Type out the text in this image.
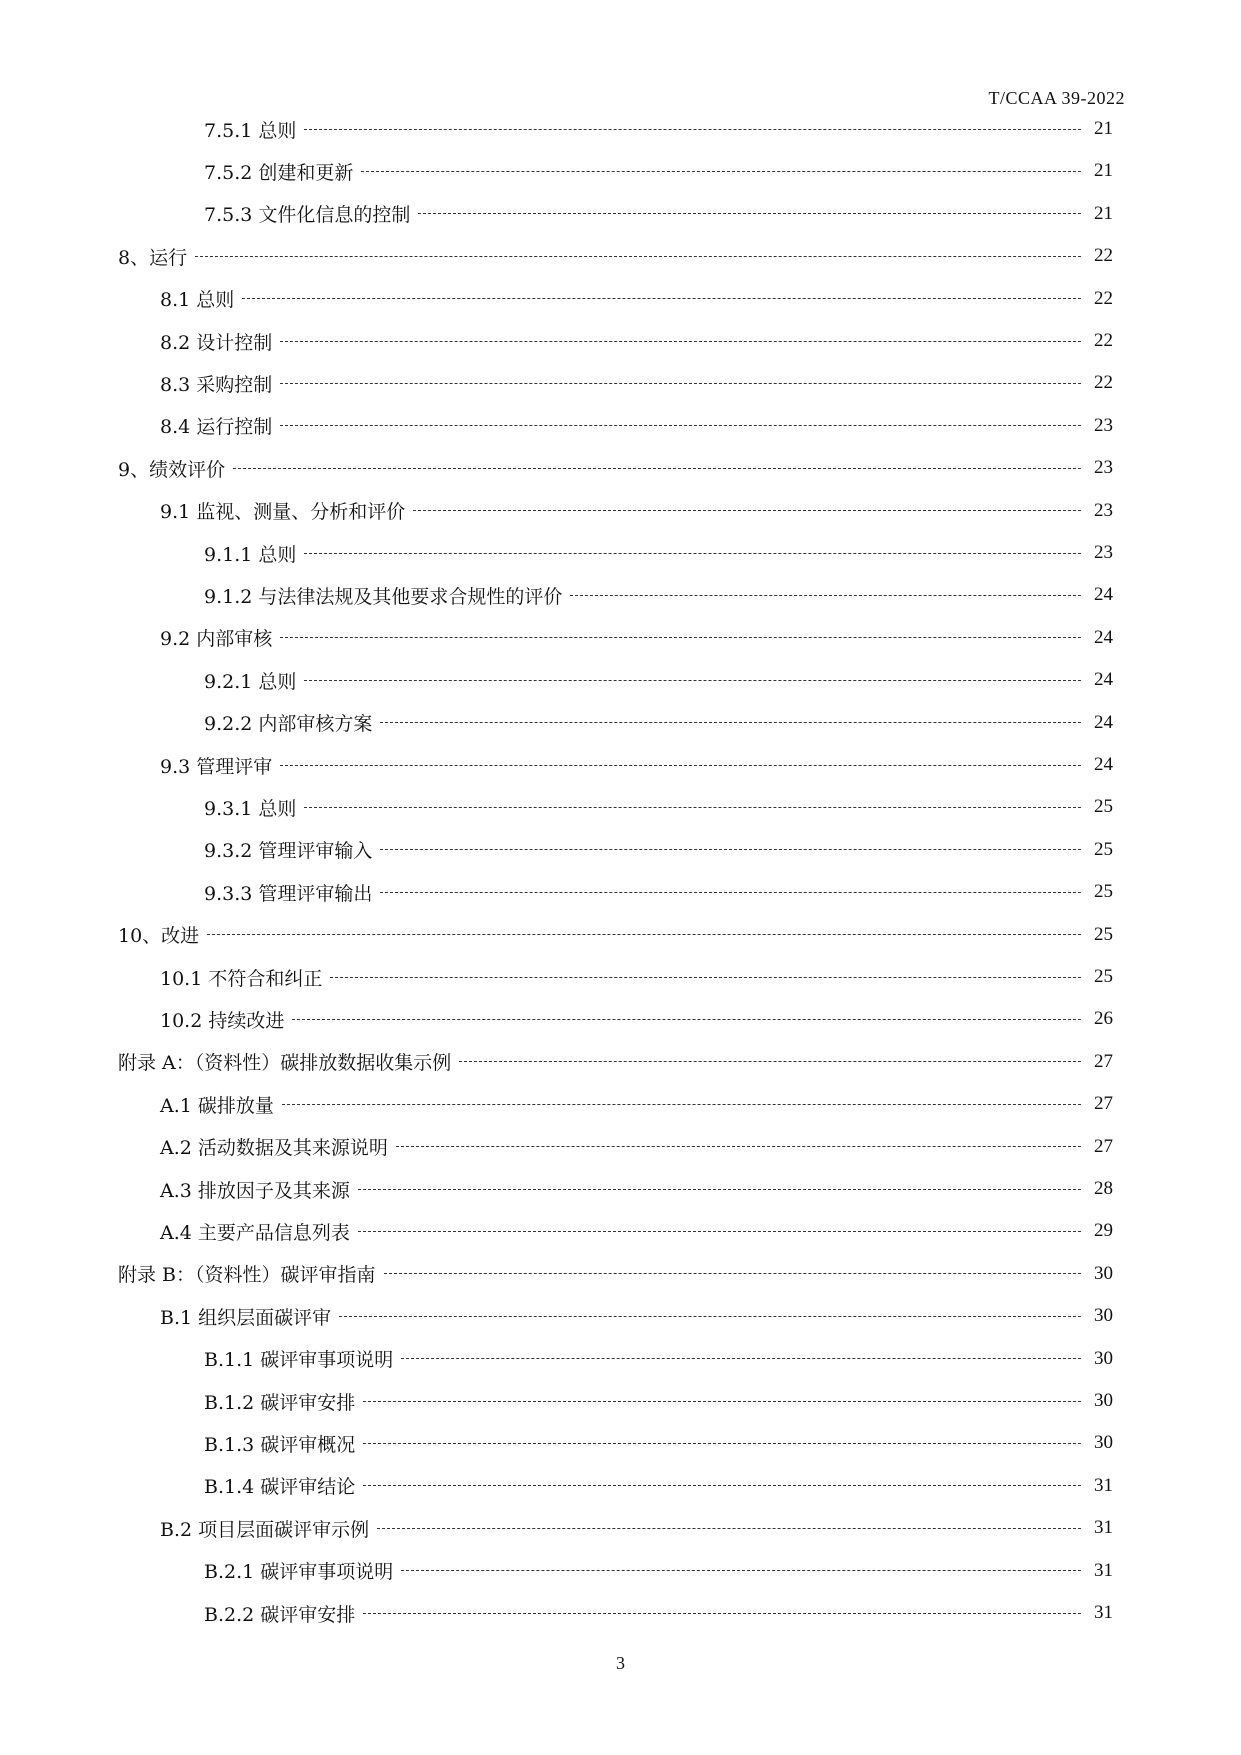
T/CCAA 39-2022
7.5.1 总则	21
7.5.2 创建和更新	21
7.5.3 文件化信息的控制	21
8、运行	22
8.1 总则	22
8.2 设计控制	22
8.3 采购控制	22
8.4 运行控制	23
9、绩效评价	23
9.1 监视、测量、分析和评价	23
9.1.1 总则	23
9.1.2 与法律法规及其他要求合规性的评价	24
9.2 内部审核	24
9.2.1 总则	24
9.2.2 内部审核方案	24
9.3 管理评审	24
9.3.1 总则	25
9.3.2 管理评审输入	25
9.3.3 管理评审输出	25
10、改进	25
10.1 不符合和纠正	25
10.2 持续改进	26
附录 A：（资料性）碳排放数据收集示例	27
A.1 碳排放量	27
A.2 活动数据及其来源说明	27
A.3 排放因子及其来源	28
A.4 主要产品信息列表	29
附录 B：（资料性）碳评审指南	30
B.1 组织层面碳评审	30
B.1.1 碳评审事项说明	30
B.1.2 碳评审安排	30
B.1.3 碳评审概况	30
B.1.4 碳评审结论	31
B.2 项目层面碳评审示例	31
B.2.1 碳评审事项说明	31
B.2.2 碳评审安排	31
3
